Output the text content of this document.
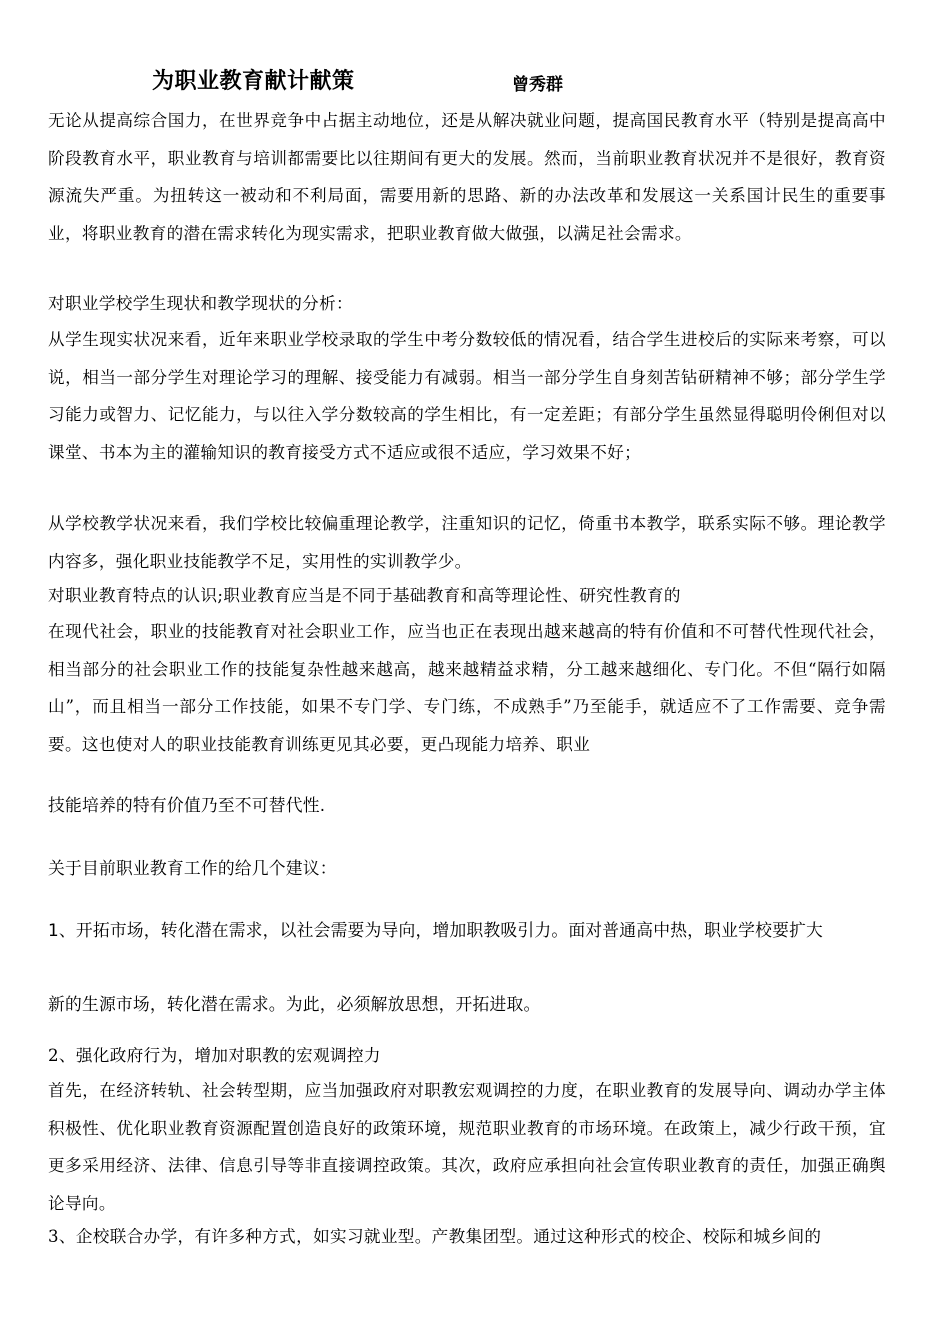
为职业教育献计献策	曾秀群

无论从提高综合国力，在世界竞争中占据主动地位，还是从解决就业问题，提高国民教育水平（特别是提高高中阶段教育水平，职业教育与培训都需要比以往期间有更大的发展。然而，当前职业教育状况并不是很好，教育资源流失严重。为扭转这一被动和不利局面，需要用新的思路、新的办法改革和发展这一关系国计民生的重要事业，将职业教育的潜在需求转化为现实需求，把职业教育做大做强，以满足社会需求。

对职业学校学生现状和教学现状的分析：

从学生现实状况来看，近年来职业学校录取的学生中考分数较低的情况看，结合学生进校后的实际来考察，可以说，相当一部分学生对理论学习的理解、接受能力有减弱。相当一部分学生自身刻苦钻研精神不够；部分学生学习能力或智力、记忆能力，与以往入学分数较高的学生相比，有一定差距；有部分学生虽然显得聪明伶俐但对以课堂、书本为主的灌输知识的教育接受方式不适应或很不适应，学习效果不好；

从学校教学状况来看，我们学校比较偏重理论教学，注重知识的记忆，倚重书本教学，联系实际不够。理论教学内容多，强化职业技能教学不足，实用性的实训教学少。

对职业教育特点的认识;职业教育应当是不同于基础教育和高等理论性、研究性教育的

在现代社会，职业的技能教育对社会职业工作，应当也正在表现出越来越高的特有价值和不可替代性现代社会，相当部分的社会职业工作的技能复杂性越来越高，越来越精益求精，分工越来越细化、专门化。不但“隔行如隔山”，而且相当一部分工作技能，如果不专门学、专门练，不成熟手”乃至能手，就适应不了工作需要、竞争需要。这也使对人的职业技能教育训练更见其必要，更凸现能力培养、职业

技能培养的特有价值乃至不可替代性.

关于目前职业教育工作的给几个建议：

1、开拓市场，转化潜在需求，以社会需要为导向，增加职教吸引力。面对普通高中热，职业学校要扩大

新的生源市场，转化潜在需求。为此，必须解放思想，开拓进取。

2、强化政府行为，增加对职教的宏观调控力

首先，在经济转轨、社会转型期，应当加强政府对职教宏观调控的力度，在职业教育的发展导向、调动办学主体积极性、优化职业教育资源配置创造良好的政策环境，规范职业教育的市场环境。在政策上，减少行政干预，宜更多采用经济、法律、信息引导等非直接调控政策。其次，政府应承担向社会宣传职业教育的责任，加强正确舆论导向。

3、企校联合办学，有许多种方式，如实习就业型。产教集团型。通过这种形式的校企、校际和城乡间的
